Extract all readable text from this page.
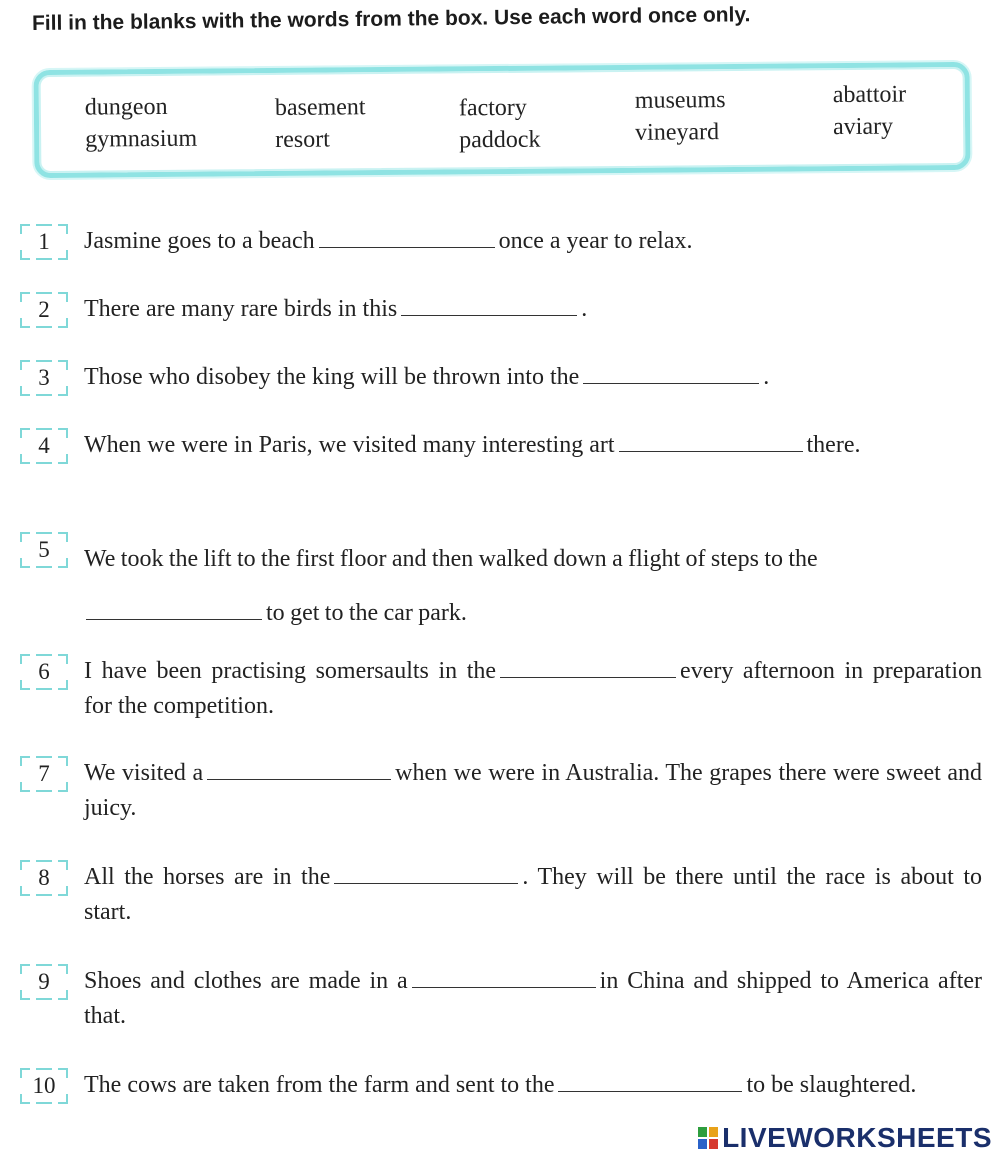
Fill in the blanks with the words from the box. Use each word once only.
dungeon	basement	factory	museums	abattoir
gymnasium	resort	paddock	vineyard	aviary
1	Jasmine goes to a beach	once a year to relax.
2	There are many rare birds in this	.
3	Those who disobey the king will be thrown into the	.
4	When we were in Paris, we visited many interesting art	there.
5	We took the lift to the first floor and then walked down a flight of steps to the
to get to the car park.
6	I have been practising somersaults in the	every afternoon in preparation for the competition.
7	We visited a	when we were in Australia. The grapes there were sweet and juicy.
8	All the horses are in the	. They will be there until the race is about to start.
9	Shoes and clothes are made in a	in China and shipped to America after that.
10	The cows are taken from the farm and sent to the	to be slaughtered.
LIVEWORKSHEETS
